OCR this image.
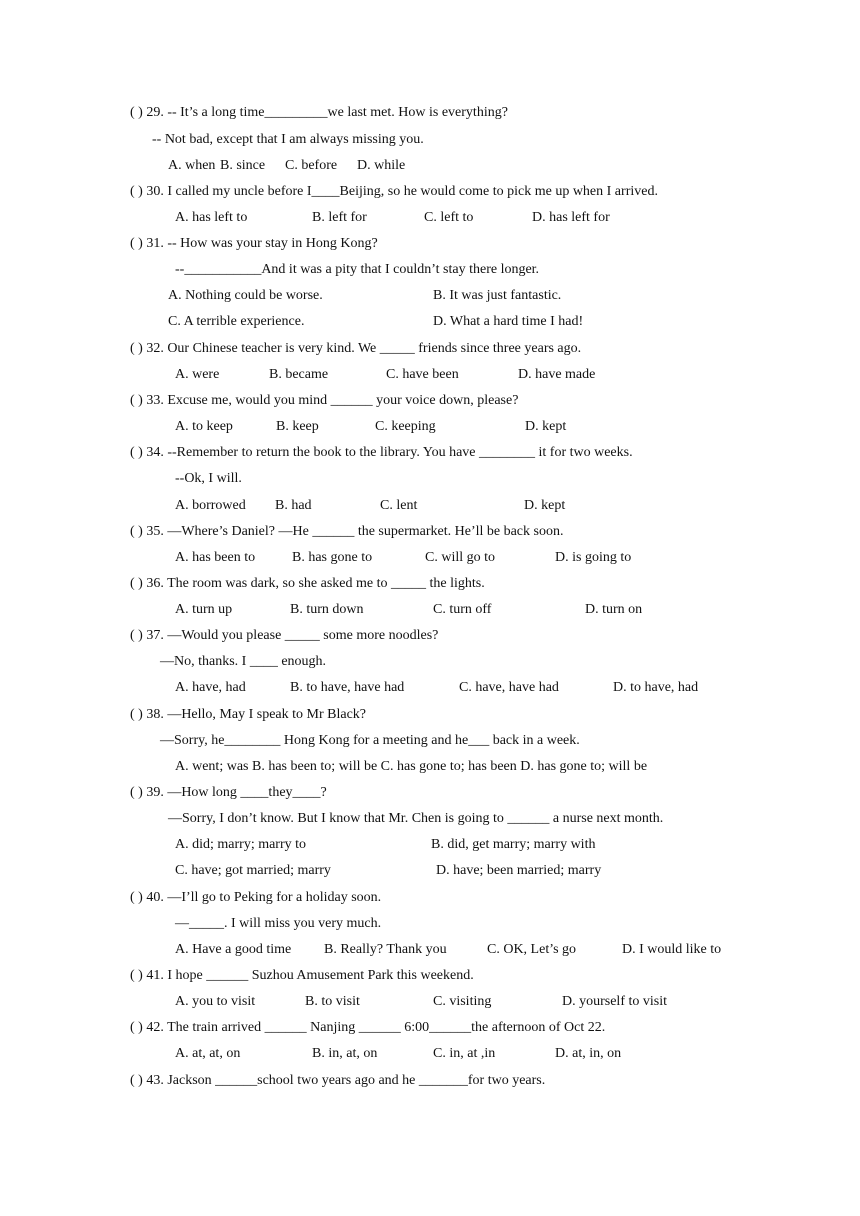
( ) 29. -- It’s a long time_________we last met. How is everything?
-- Not bad, except that I am always missing you.
A. when B. since C. before D. while
( ) 30. I called my uncle before I____Beijing, so he would come to pick me up when I arrived.
A. has left to	B. left for	C. left to	D. has left for
( ) 31. -- How was your stay in Hong Kong?
--___________And it was a pity that I couldn’t stay there longer.
A. Nothing could be worse.	B. It was just fantastic.
C. A terrible experience.	D. What a hard time I had!
( ) 32. Our Chinese teacher is very kind. We _____ friends since three years ago.
A. were	B. became	C. have been	D. have made
( ) 33. Excuse me, would you mind ______ your voice down, please?
A. to keep	B. keep	C. keeping	D. kept
( ) 34. --Remember to return the book to the library. You have ________ it for two weeks.
--Ok, I will.
A. borrowed B. had	C. lent	D. kept
( ) 35. —Where’s Daniel? —He ______ the supermarket. He’ll be back soon.
A. has been to	B. has gone to	C. will go to	D. is going to
( ) 36. The room was dark, so she asked me to _____ the lights.
A. turn up	B. turn down	C. turn off	D. turn on
( ) 37. —Would you please _____ some more noodles?
—No, thanks. I ____ enough.
A. have, had	B. to have, have had	C. have, have had	D. to have, had
( ) 38. —Hello, May I speak to Mr Black?
—Sorry, he________ Hong Kong for a meeting and he___ back in a week.
A. went; was B. has been to; will be C. has gone to; has been D. has gone to; will be
( ) 39. —How long ____they____?
—Sorry, I don’t know. But I know that Mr. Chen is going to ______ a nurse next month.
A. did; marry; marry to	B. did, get marry; marry with
C. have; got married; marry	D. have; been married; marry
( ) 40. —I’ll go to Peking for a holiday soon.
—_____. I will miss you very much.
A. Have a good time B. Really? Thank you	C. OK, Let’s go	D. I would like to
( ) 41. I hope ______ Suzhou Amusement Park this weekend.
A. you to visit	B. to visit	C. visiting	D. yourself to visit
( ) 42. The train arrived ______ Nanjing ______ 6:00______the afternoon of Oct 22.
A. at, at, on	B. in, at, on	C. in, at ,in	D. at, in, on
( ) 43. Jackson ______school two years ago and he _______for two years.
